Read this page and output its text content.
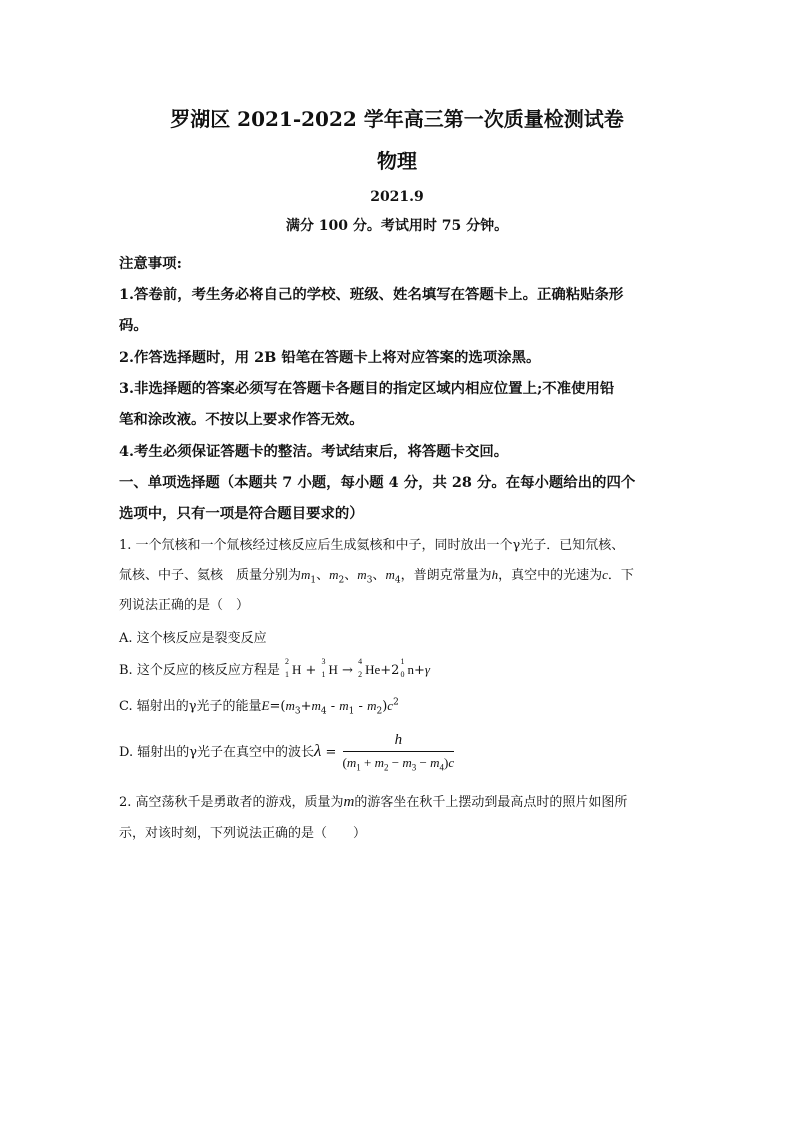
罗湖区 2021-2022 学年高三第一次质量检测试卷
物理
2021.9
满分 100 分。考试用时 75 分钟。
注意事项:
1.答卷前，考生务必将自己的学校、班级、姓名填写在答题卡上。正确粘贴条形
码。
2.作答选择题时，用 2B 铅笔在答题卡上将对应答案的选项涂黑。
3.非选择题的答案必须写在答题卡各题目的指定区域内相应位置上;不准使用铅
笔和涂改液。不按以上要求作答无效。
4.考生必须保证答题卡的整洁。考试结束后，将答题卡交回。
一、单项选择题（本题共 7 小题，每小题 4 分，共 28 分。在每小题给出的四个
选项中，只有一项是符合题目要求的）
1. 一个氘核和一个氚核经过核反应后生成氦核和中子，同时放出一个γ光子．已知氘核、
氚核、中子、氦核　质量分别为$m_1$、$m_2$、$m_3$、$m_4$，普朗克常量为h，真空中的光速为c．下
列说法正确的是（　）
A. 这个核反应是裂变反应
B. 这个反应的核反应方程是
2
1 H +
3
1 H →
4
2 He+2
1
0 n+γ
C. 辐射出的γ光子的能量$E=(m_3+m_4 - m_1 - m_2)c^2$
D. 辐射出的γ光子在真空中的波长$\lambda = \frac{h}{(m_1 + m_2 - m_3 - m_4)c}$
2. 高空荡秋千是勇敢者的游戏，质量为m的游客坐在秋千上摆动到最高点时的照片如图所
示，对该时刻，下列说法正确的是（　　）
